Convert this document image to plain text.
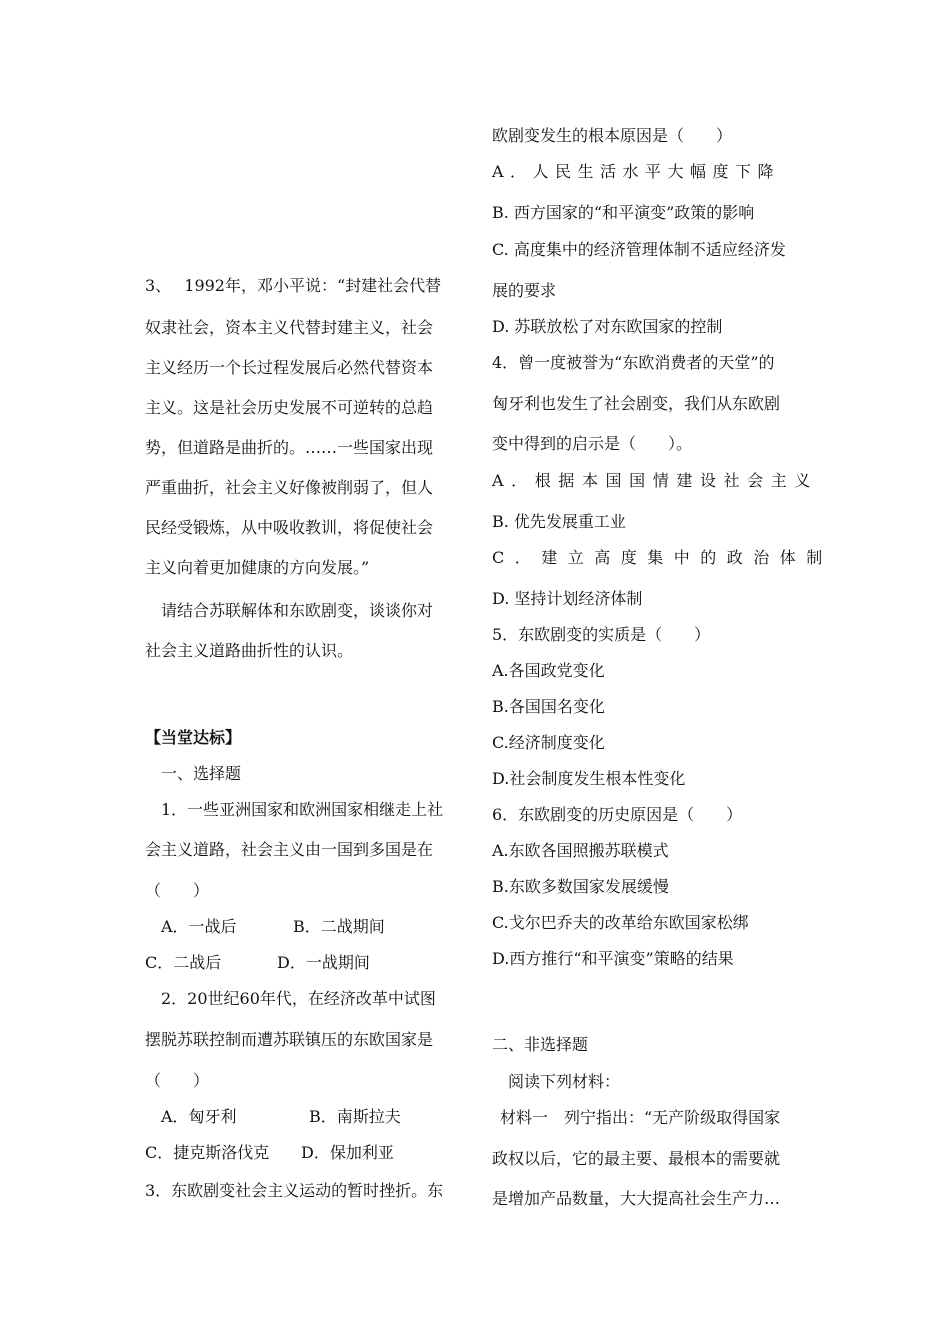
3、　 1992年，邓小平说：“封建社会代替
奴隶社会，资本主义代替封建主义，社会
主义经历一个长过程发展后必然代替资本
主义。这是社会历史发展不可逆转的总趋
势，但道路是曲折的。……一些国家出现
严重曲折，社会主义好像被削弱了，但人
民经受锻炼，从中吸收教训，将促使社会
主义向着更加健康的方向发展。”
请结合苏联解体和东欧剧变，谈谈你对
社会主义道路曲折性的认识。
【当堂达标】
一、选择题
1．一些亚洲国家和欧洲国家相继走上社
会主义道路，社会主义由一国到多国是在
（　　）
A．一战后	B．二战期间
C．二战后	D．一战期间
2．20世纪60年代，在经济改革中试图
摆脱苏联控制而遭苏联镇压的东欧国家是
（　　）
A．匈牙利	B．南斯拉夫
C．捷克斯洛伐克 D．保加利亚
3．东欧剧变社会主义运动的暂时挫折。东
欧剧变发生的根本原因是（　　）
A．人民生活水平大幅度下降
B. 西方国家的“和平演变”政策的影响
C. 高度集中的经济管理体制不适应经济发
展的要求
D. 苏联放松了对东欧国家的控制
4．曾一度被誉为“东欧消费者的天堂”的
匈牙利也发生了社会剧变，我们从东欧剧
变中得到的启示是（　　）。
A．根据本国国情建设社会主义
B. 优先发展重工业
C．建立高度集中的政治体制
D. 坚持计划经济体制
5．东欧剧变的实质是（　　）
A.各国政党变化
B.各国国名变化
C.经济制度变化
D.社会制度发生根本性变化
6．东欧剧变的历史原因是（　　）
A.东欧各国照搬苏联模式
B.东欧多数国家发展缓慢
C.戈尔巴乔夫的改革给东欧国家松绑
D.西方推行“和平演变”策略的结果
二、非选择题
阅读下列材料：
材料一　列宁指出：“无产阶级取得国家
政权以后，它的最主要、最根本的需要就
是增加产品数量，大大提高社会生产力…
